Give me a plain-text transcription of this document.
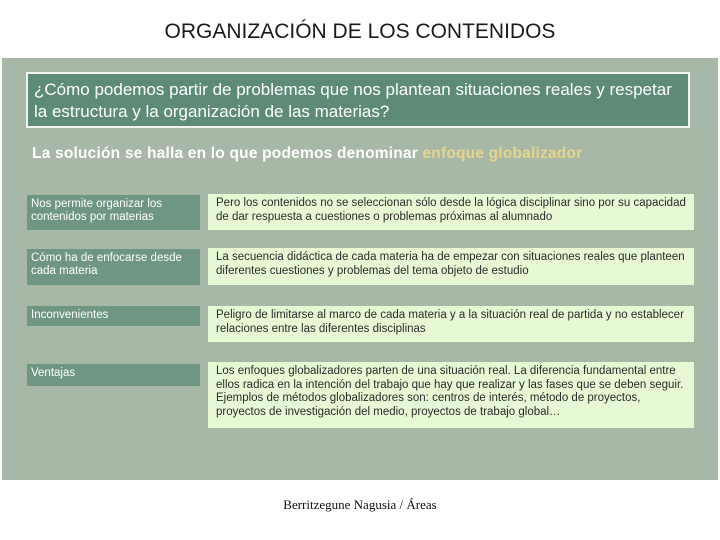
ORGANIZACIÓN DE LOS CONTENIDOS
¿Cómo podemos partir de problemas que nos plantean situaciones reales y respetar la estructura y la organización de las materias?
La solución se halla en lo que podemos denominar enfoque globalizador
Nos permite organizar los contenidos por materias
Pero los contenidos no se seleccionan sólo desde la lógica disciplinar sino por su capacidad de dar respuesta a cuestiones o problemas próximas al alumnado
Cómo ha de enfocarse desde cada materia
La secuencia didáctica de cada materia ha de empezar con situaciones reales que planteen diferentes cuestiones y problemas del tema objeto de estudio
Inconvenientes	Peligro de limitarse al marco de cada materia y a la situación real de partida y no establecer relaciones entre las diferentes disciplinas
Ventajas	Los enfoques globalizadores parten de una situación real. La diferencia fundamental entre ellos radica en la intención del trabajo que hay que realizar y las fases que se deben seguir. Ejemplos de métodos globalizadores son: centros de interés, método de proyectos, proyectos de investigación del medio, proyectos de trabajo global…
Berritzegune Nagusia / Áreas
